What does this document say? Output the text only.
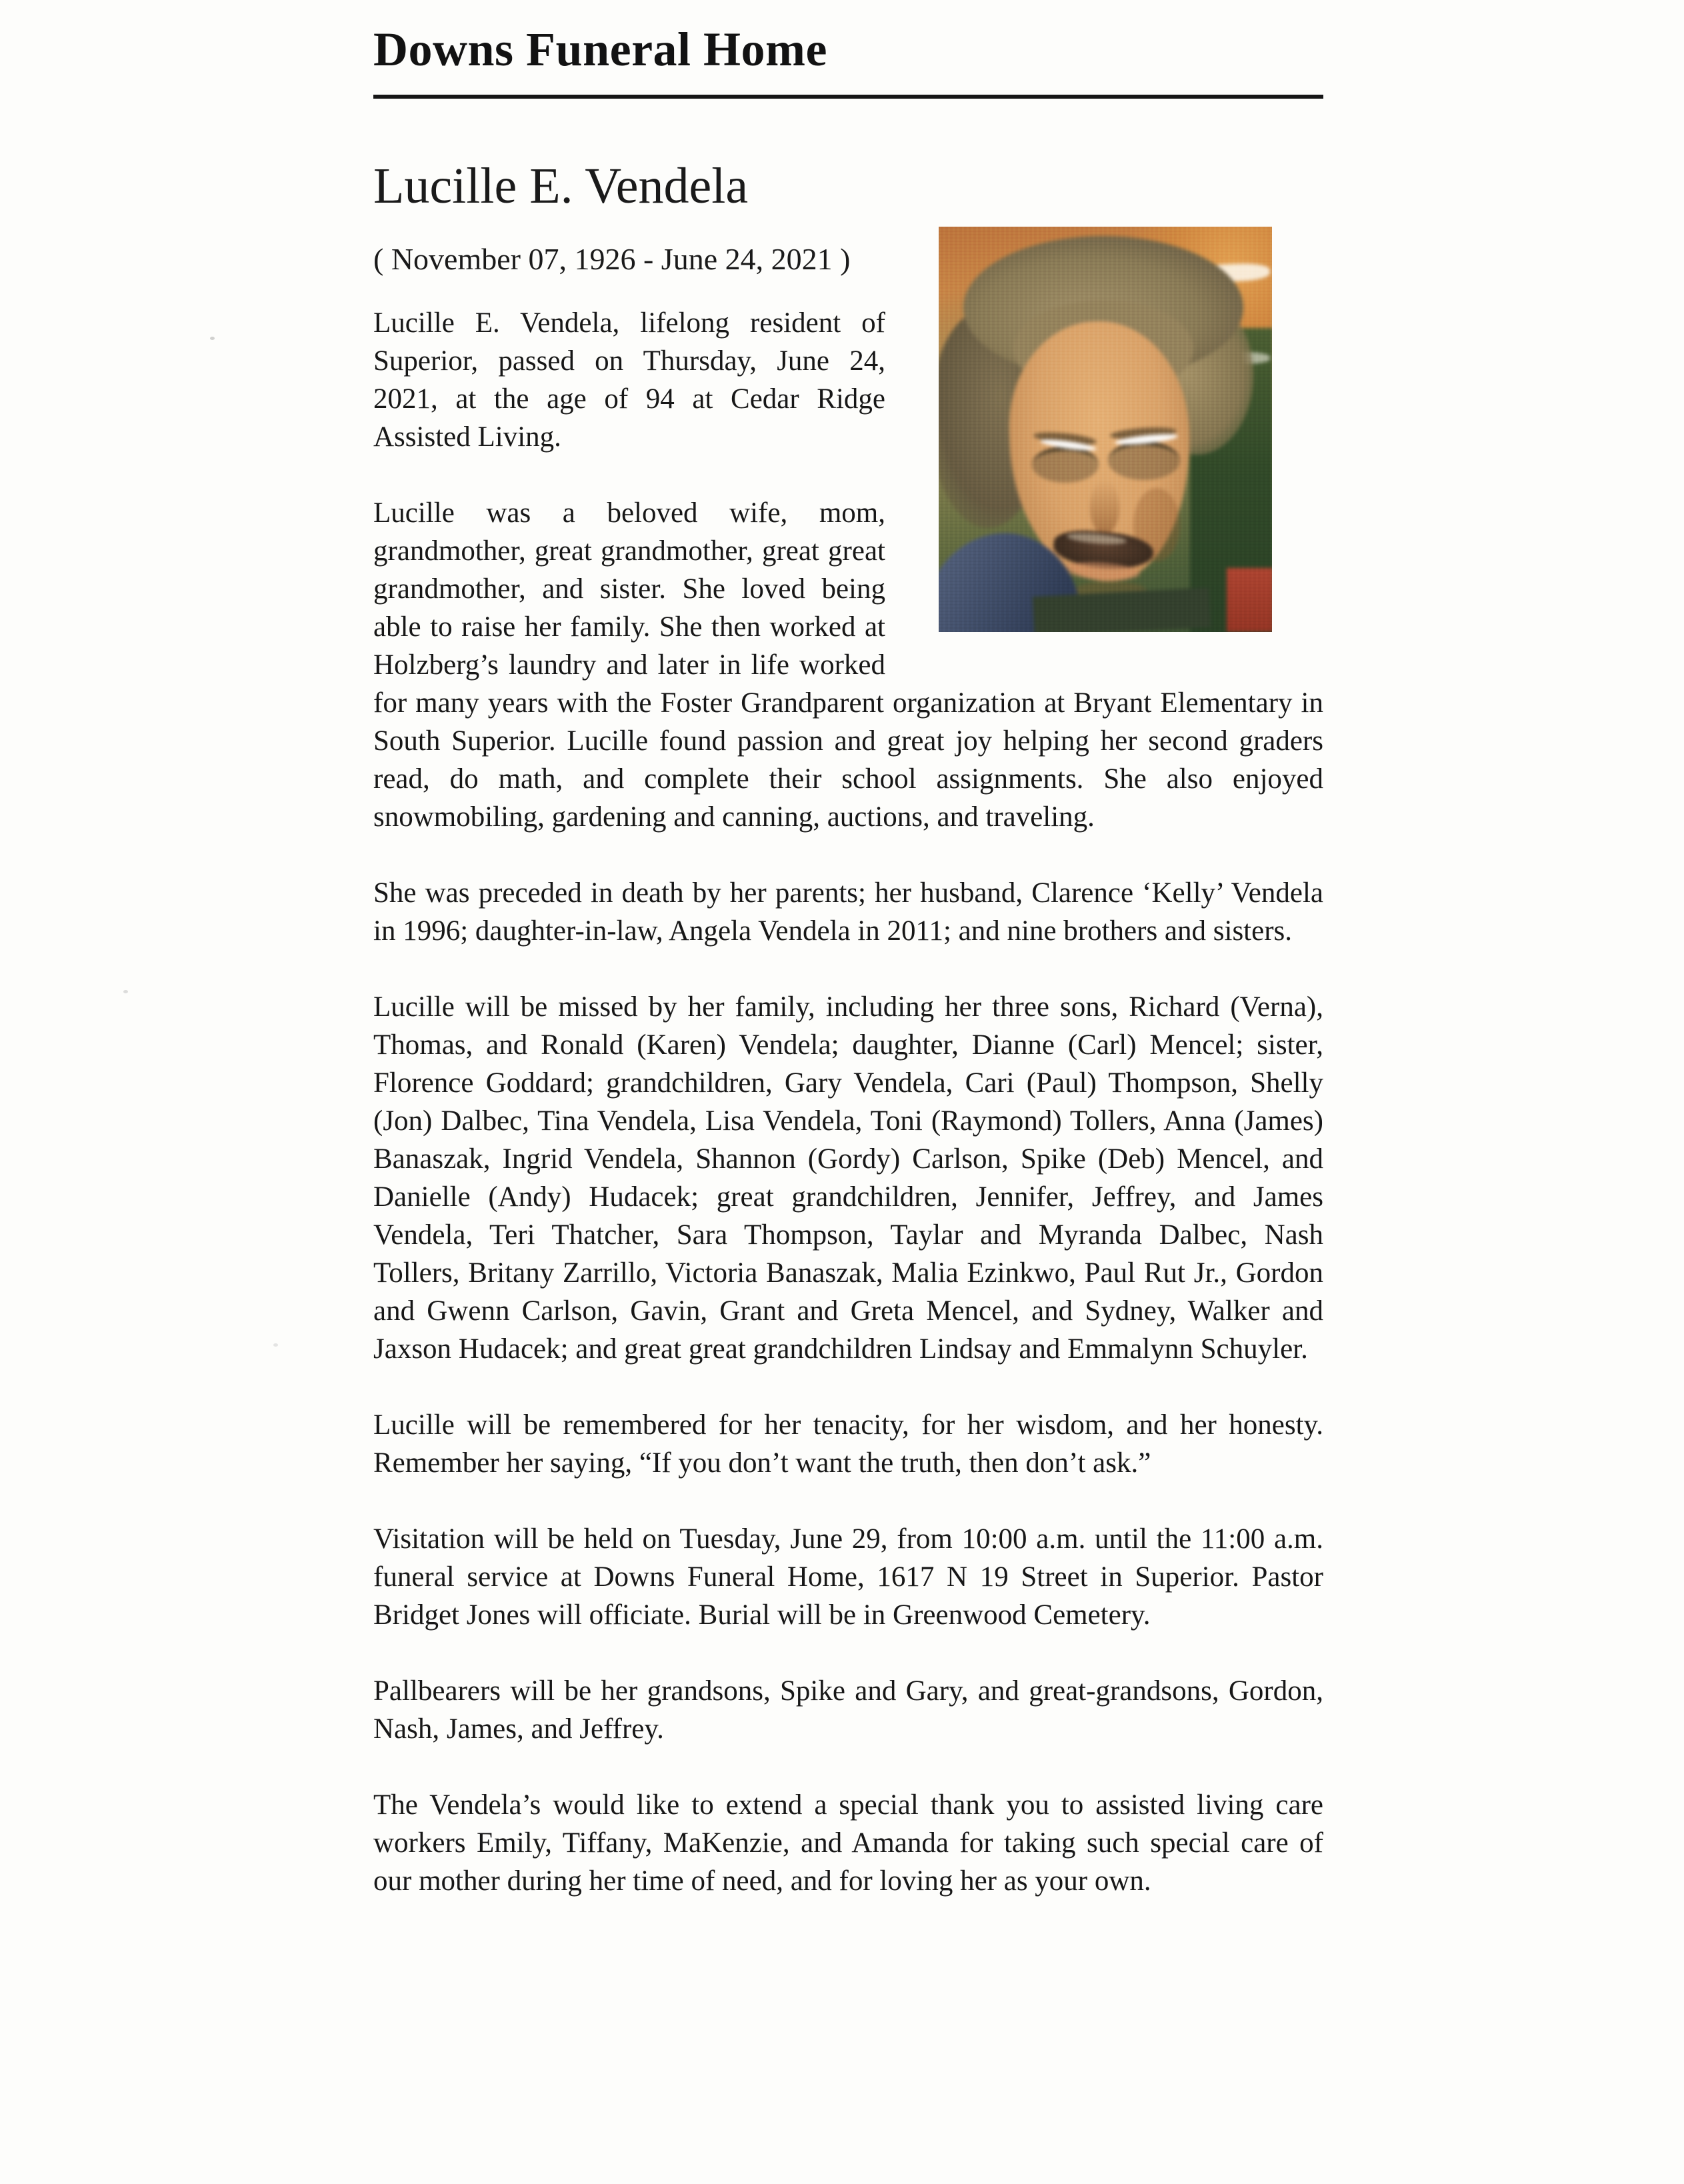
Downs Funeral Home
Lucille E. Vendela

( November 07, 1926 - June 24, 2021 )

Lucille E. Vendela, lifelong resident of Superior, passed on Thursday, June 24, 2021, at the age of 94 at Cedar Ridge Assisted Living.

Lucille was a beloved wife, mom, grandmother, great grandmother, great great grandmother, and sister. She loved being able to raise her family. She then worked at Holzberg’s laundry and later in life worked for many years with the Foster Grandparent organization at Bryant Elementary in South Superior. Lucille found passion and great joy helping her second graders read, do math, and complete their school assignments. She also enjoyed snowmobiling, gardening and canning, auctions, and traveling.

She was preceded in death by her parents; her husband, Clarence ‘Kelly’ Vendela in 1996; daughter-in-law, Angela Vendela in 2011; and nine brothers and sisters.

Lucille will be missed by her family, including her three sons, Richard (Verna), Thomas, and Ronald (Karen) Vendela; daughter, Dianne (Carl) Mencel; sister, Florence Goddard; grandchildren, Gary Vendela, Cari (Paul) Thompson, Shelly (Jon) Dalbec, Tina Vendela, Lisa Vendela, Toni (Raymond) Tollers, Anna (James) Banaszak, Ingrid Vendela, Shannon (Gordy) Carlson, Spike (Deb) Mencel, and Danielle (Andy) Hudacek; great grandchildren, Jennifer, Jeffrey, and James Vendela, Teri Thatcher, Sara Thompson, Taylar and Myranda Dalbec, Nash Tollers, Britany Zarrillo, Victoria Banaszak, Malia Ezinkwo, Paul Rut Jr., Gordon and Gwenn Carlson, Gavin, Grant and Greta Mencel, and Sydney, Walker and Jaxson Hudacek; and great great grandchildren Lindsay and Emmalynn Schuyler.

Lucille will be remembered for her tenacity, for her wisdom, and her honesty. Remember her saying, “If you don’t want the truth, then don’t ask.”

Visitation will be held on Tuesday, June 29, from 10:00 a.m. until the 11:00 a.m. funeral service at Downs Funeral Home, 1617 N 19 Street in Superior. Pastor Bridget Jones will officiate. Burial will be in Greenwood Cemetery.

Pallbearers will be her grandsons, Spike and Gary, and great-grandsons, Gordon, Nash, James, and Jeffrey.

The Vendela’s would like to extend a special thank you to assisted living care workers Emily, Tiffany, MaKenzie, and Amanda for taking such special care of our mother during her time of need, and for loving her as your own.
